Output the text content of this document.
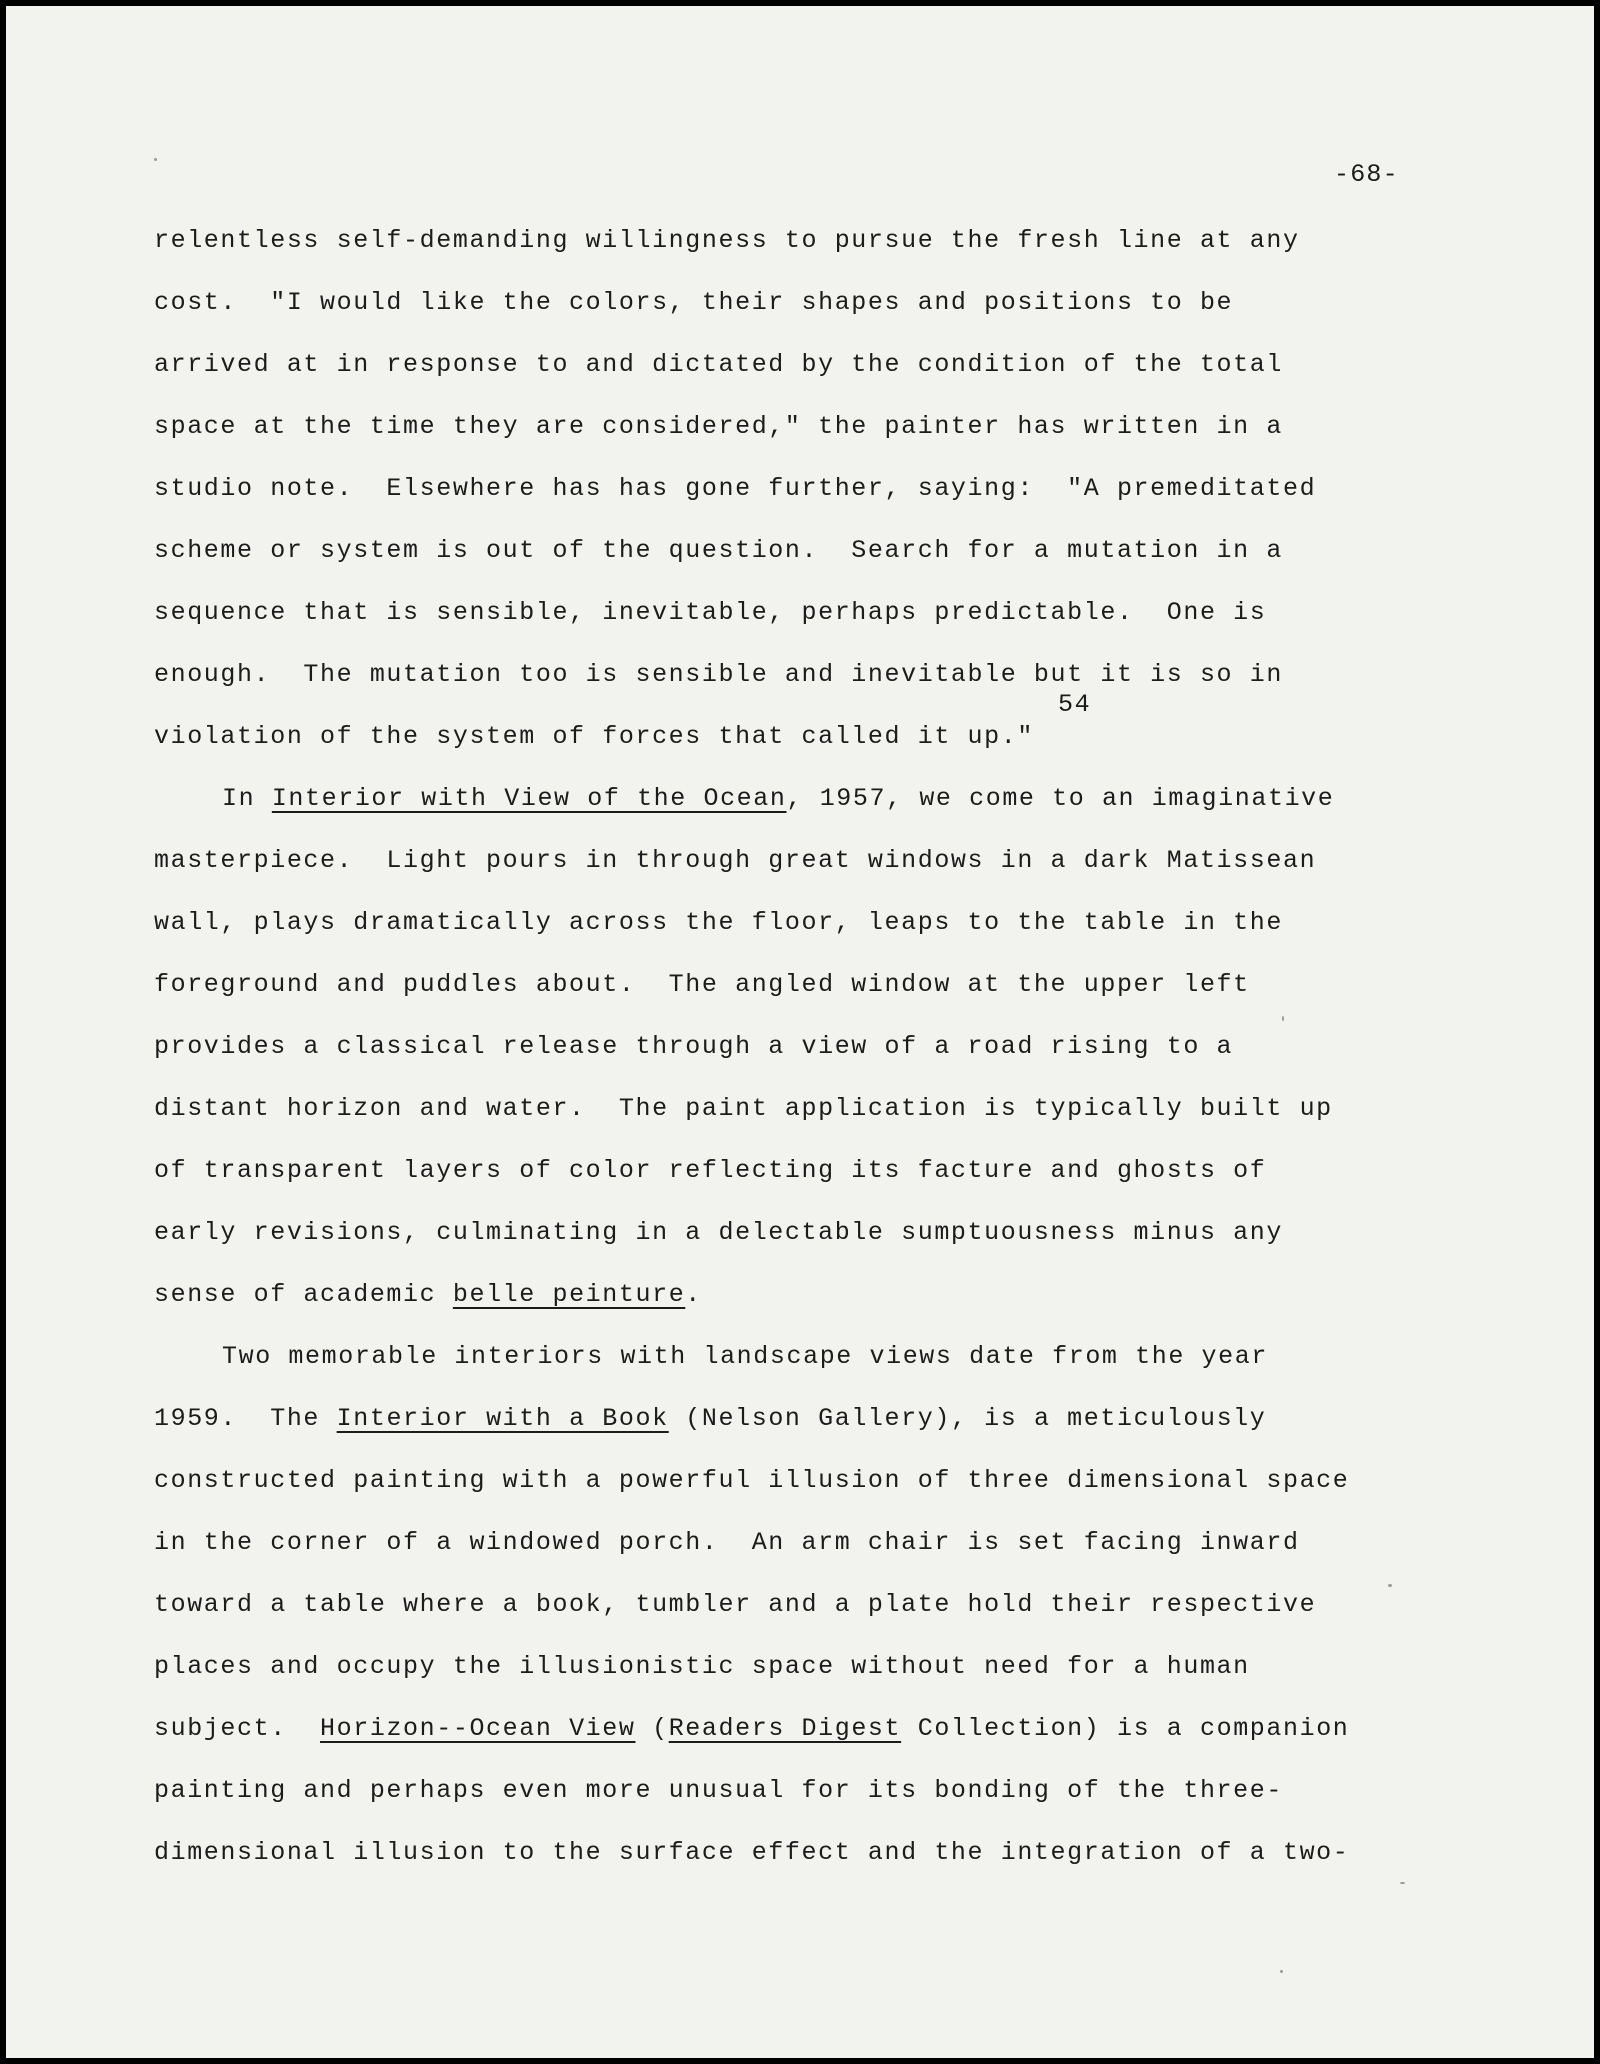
-68-
relentless self-demanding willingness to pursue the fresh line at any
cost.  "I would like the colors, their shapes and positions to be
arrived at in response to and dictated by the condition of the total
space at the time they are considered," the painter has written in a
studio note.  Elsewhere has has gone further, saying:  "A premeditated
scheme or system is out of the question.  Search for a mutation in a
sequence that is sensible, inevitable, perhaps predictable.  One is
enough.  The mutation too is sensible and inevitable but it is so in
violation of the system of forces that called it up."
In Interior with View of the Ocean, 1957, we come to an imaginative
masterpiece.  Light pours in through great windows in a dark Matissean
wall, plays dramatically across the floor, leaps to the table in the
foreground and puddles about.  The angled window at the upper left
provides a classical release through a view of a road rising to a
distant horizon and water.  The paint application is typically built up
of transparent layers of color reflecting its facture and ghosts of
early revisions, culminating in a delectable sumptuousness minus any
sense of academic belle peinture.
Two memorable interiors with landscape views date from the year
1959.  The Interior with a Book (Nelson Gallery), is a meticulously
constructed painting with a powerful illusion of three dimensional space
in the corner of a windowed porch.  An arm chair is set facing inward
toward a table where a book, tumbler and a plate hold their respective
places and occupy the illusionistic space without need for a human
subject.  Horizon--Ocean View (Readers Digest Collection) is a companion
painting and perhaps even more unusual for its bonding of the three-
dimensional illusion to the surface effect and the integration of a two-
54
